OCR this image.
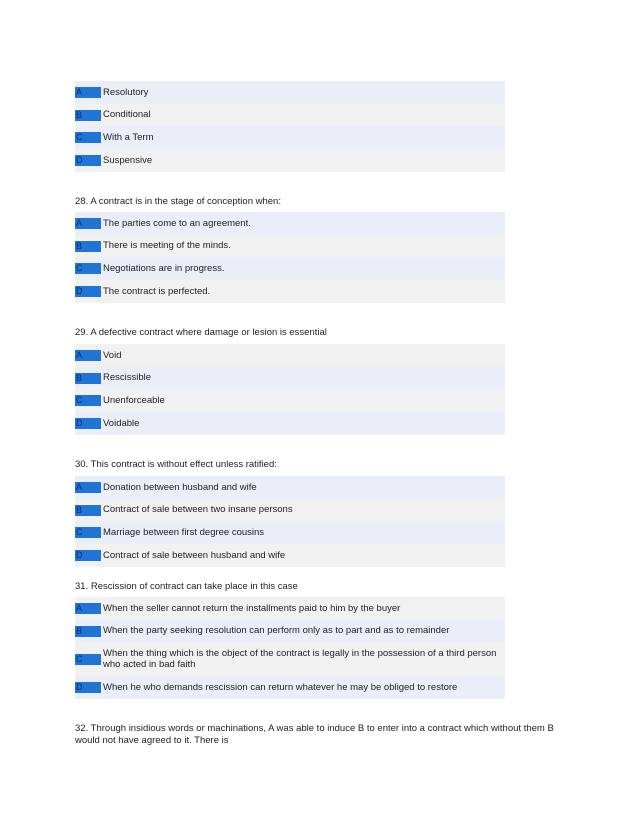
A	Resolutory
B	Conditional
C	With a Term
D	Suspensive
28. A contract is in the stage of conception when:
A	The parties come to an agreement.
B	There is meeting of the minds.
C	Negotiations are in progress.
D	The contract is perfected.
29. A defective contract where damage or lesion is essential
A	Void
B	Rescissible
C	Unenforceable
D	Voidable
30. This contract is without effect unless ratified:
A	Donation between husband and wife
B	Contract of sale between two insane persons
C	Marriage between first degree cousins
D	Contract of sale between husband and wife
31. Rescission of contract can take place in this case
A	When the seller cannot return the installments paid to him by the buyer
B	When the party seeking resolution can perform only as to part and as to remainder
C	When the thing which is the object of the contract is legally in the possession of a third person who acted in bad faith
D	When he who demands rescission can return whatever he may be obliged to restore
32. Through insidious words or machinations, A was able to induce B to enter into a contract which without them B would not have agreed to it. There is
